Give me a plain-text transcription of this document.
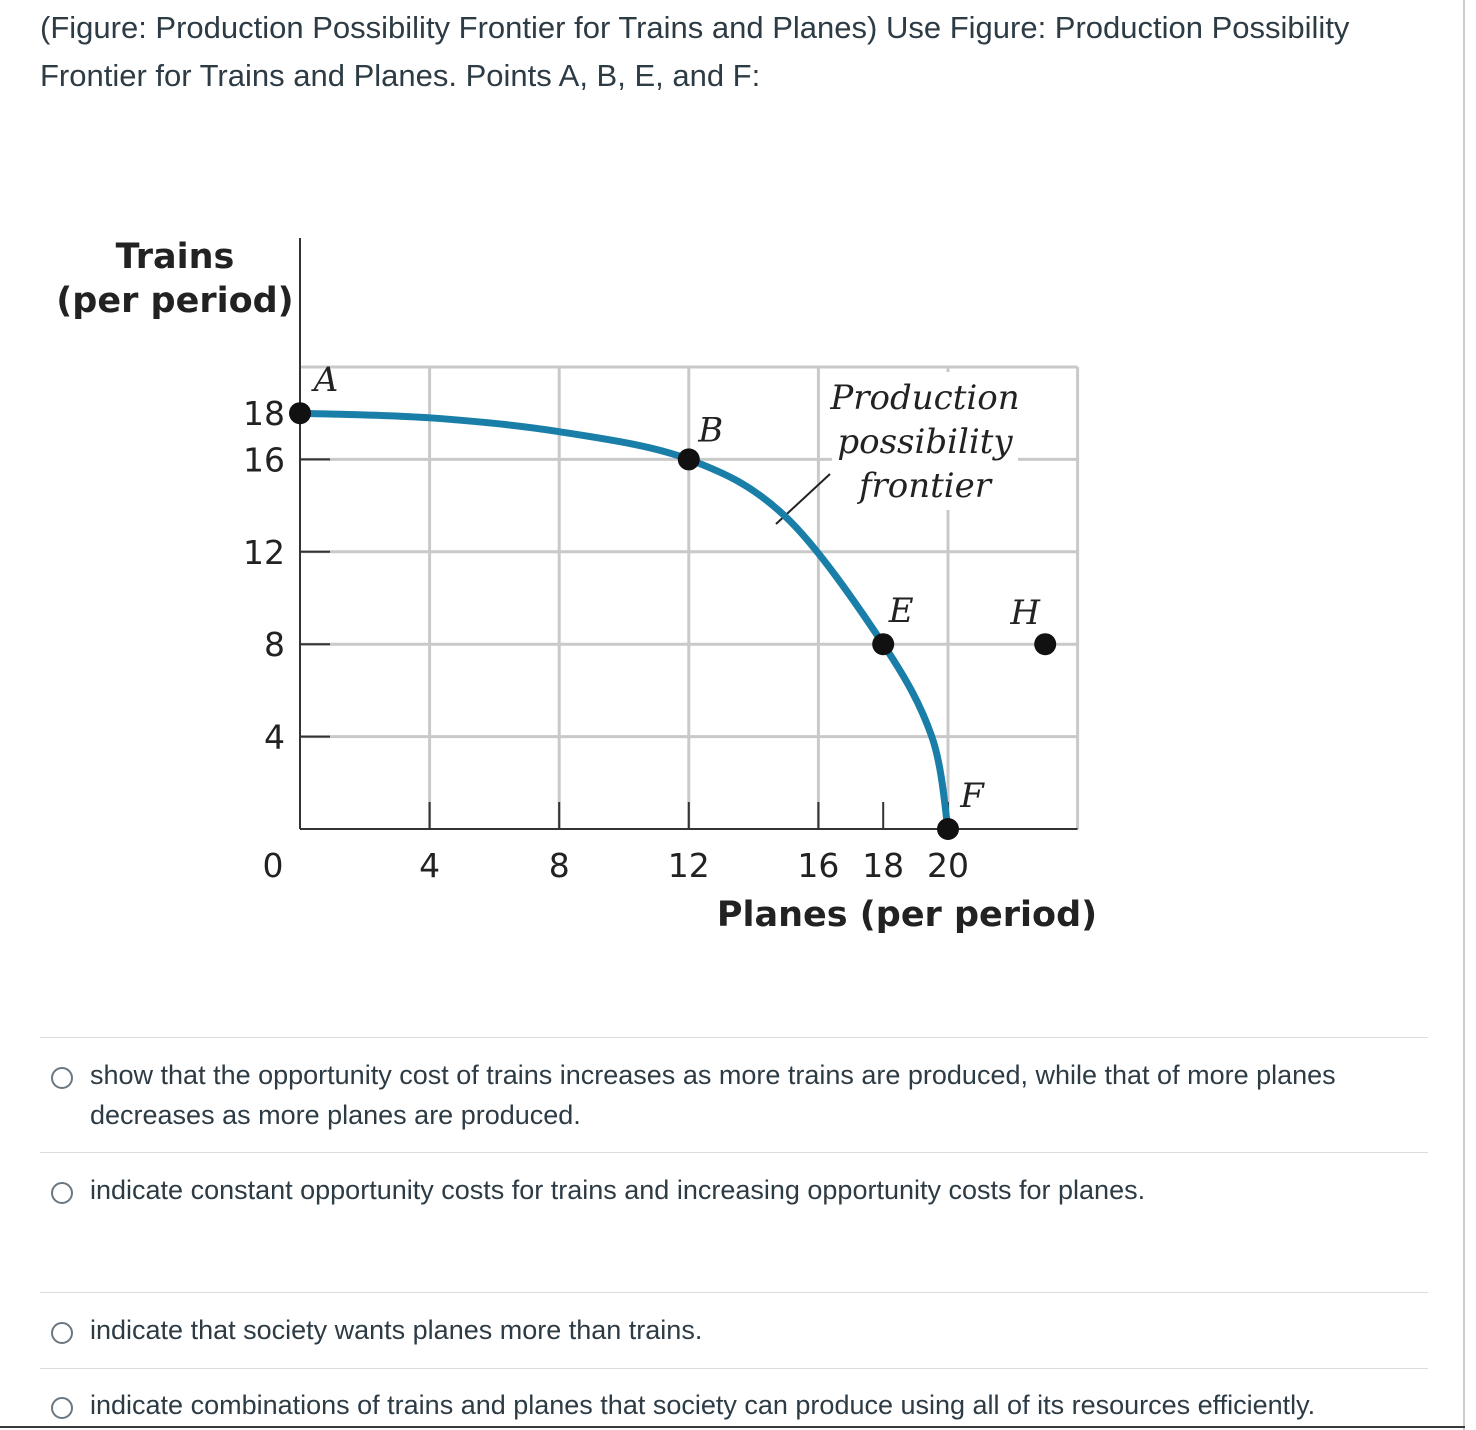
(Figure: Production Possibility Frontier for Trains and Planes) Use Figure: Production Possibility Frontier for Trains and Planes. Points A, B, E, and F:
0	4	8	12	16 18 20
4
8
12
16
18
Trains
(per period)
Planes (per period)
Production
possibility
frontier
A
B
E	H
F
show that the opportunity cost of trains increases as more trains are produced, while that of more planes decreases as more planes are produced.
indicate constant opportunity costs for trains and increasing opportunity costs for planes.
indicate that society wants planes more than trains.
indicate combinations of trains and planes that society can produce using all of its resources efficiently.
